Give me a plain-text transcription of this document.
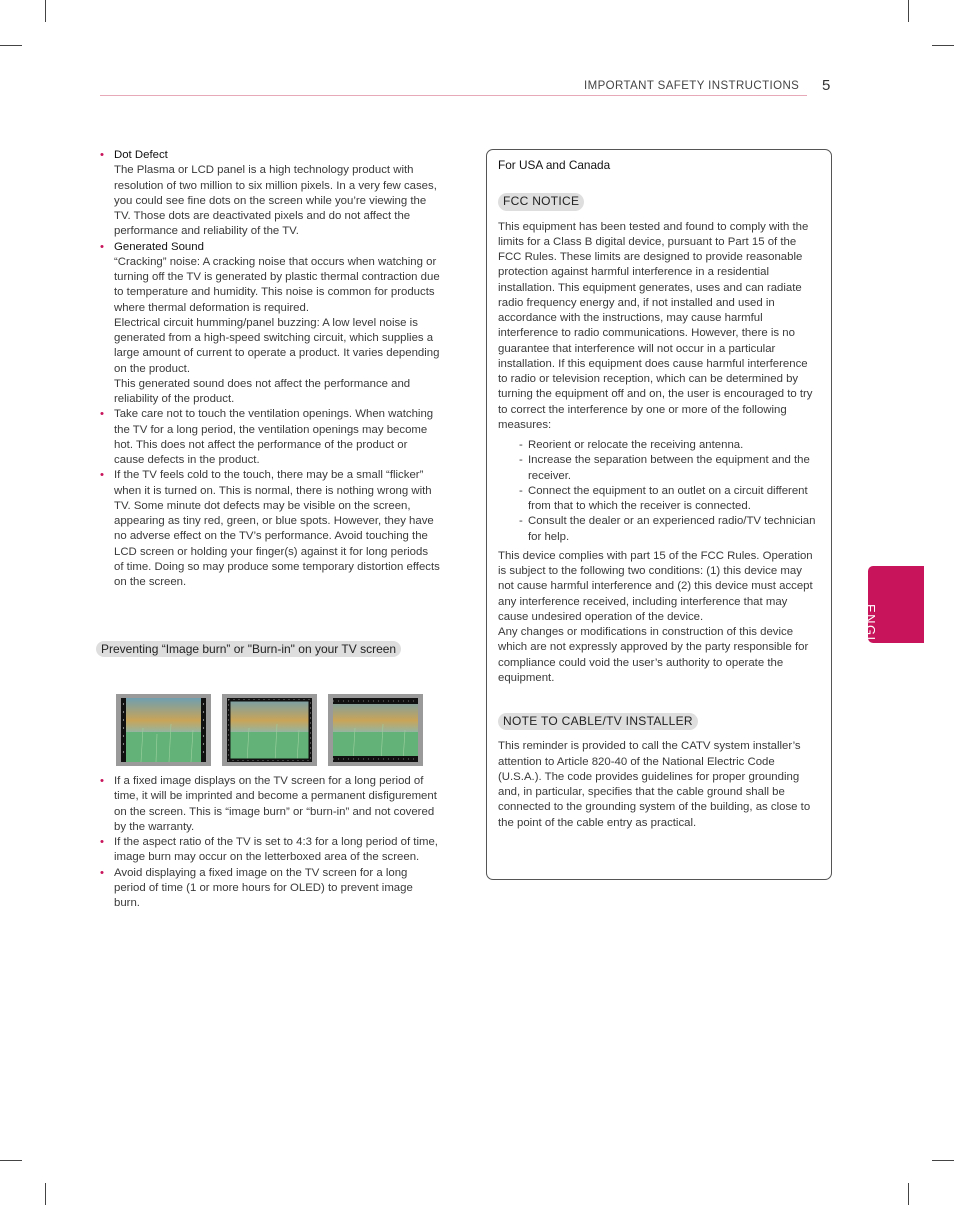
IMPORTANT SAFETY INSTRUCTIONS 5
• Dot Defect

The Plasma or LCD panel is a high technology product with resolution of two million to six million pixels. In a very few cases, you could see fine dots on the screen while you’re viewing the TV. Those dots are deactivated pixels and do not affect the performance and reliability of the TV.

• Generated Sound

“Cracking” noise: A cracking noise that occurs when watching or turning off the TV is generated by plastic thermal contraction due to temperature and humidity. This noise is common for products where thermal deformation is required.

Electrical circuit humming/panel buzzing: A low level noise is generated from a high-speed switching circuit, which supplies a large amount of current to operate a product. It varies depending on the product.

This generated sound does not affect the performance and reliability of the product.

• Take care not to touch the ventilation openings. When watching the TV for a long period, the ventilation openings may become hot. This does not affect the performance of the product or cause defects in the product.

• If the TV feels cold to the touch, there may be a small “flicker” when it is turned on. This is normal, there is nothing wrong with TV. Some minute dot defects may be visible on the screen, appearing as tiny red, green, or blue spots. However, they have no adverse effect on the TV’s performance. Avoid touching the LCD screen or holding your finger(s) against it for long periods of time. Doing so may produce some temporary distortion effects on the screen.

Preventing “Image burn” or "Burn-in" on your TV screen

• If a fixed image displays on the TV screen for a long period of time, it will be imprinted and become a permanent disfigurement on the screen. This is “image burn” or “burn-in” and not covered by the warranty.

• If the aspect ratio of the TV is set to 4:3 for a long period of time, image burn may occur on the letterboxed area of the screen.

• Avoid displaying a fixed image on the TV screen for a long period of time (1 or more hours for OLED) to prevent image burn.

For USA and Canada
FCC NOTICE

This equipment has been tested and found to comply with the limits for a Class B digital device, pursuant to Part 15 of the FCC Rules. These limits are designed to provide reasonable protection against harmful interference in a residential installation. This equipment generates, uses and can radiate radio frequency energy and, if not installed and used in accordance with the instructions, may cause harmful interference to radio communications. However, there is no guarantee that interference will not occur in a particular installation. If this equipment does cause harmful interference to radio or television reception, which can be determined by turning the equipment off and on, the user is encouraged to try to correct the interference by one or more of the following measures:

- Reorient or relocate the receiving antenna.
- Increase the separation between the equipment and the receiver.
- Connect the equipment to an outlet on a circuit different from that to which the receiver is connected.
- Consult the dealer or an experienced radio/TV technician for help.

This device complies with part 15 of the FCC Rules. Operation is subject to the following two conditions: (1) this device may not cause harmful interference and (2) this device must accept any interference received, including interference that may cause undesired operation of the device.

Any changes or modifications in construction of this device which are not expressly approved by the party responsible for compliance could void the user’s authority to operate the equipment.

NOTE TO CABLE/TV INSTALLER

This reminder is provided to call the CATV system installer’s attention to Article 820-40 of the National Electric Code (U.S.A.). The code provides guidelines for proper grounding and, in particular, specifies that the cable ground shall be connected to the grounding system of the building, as close to the point of the cable entry as practical.

ENGLISH
